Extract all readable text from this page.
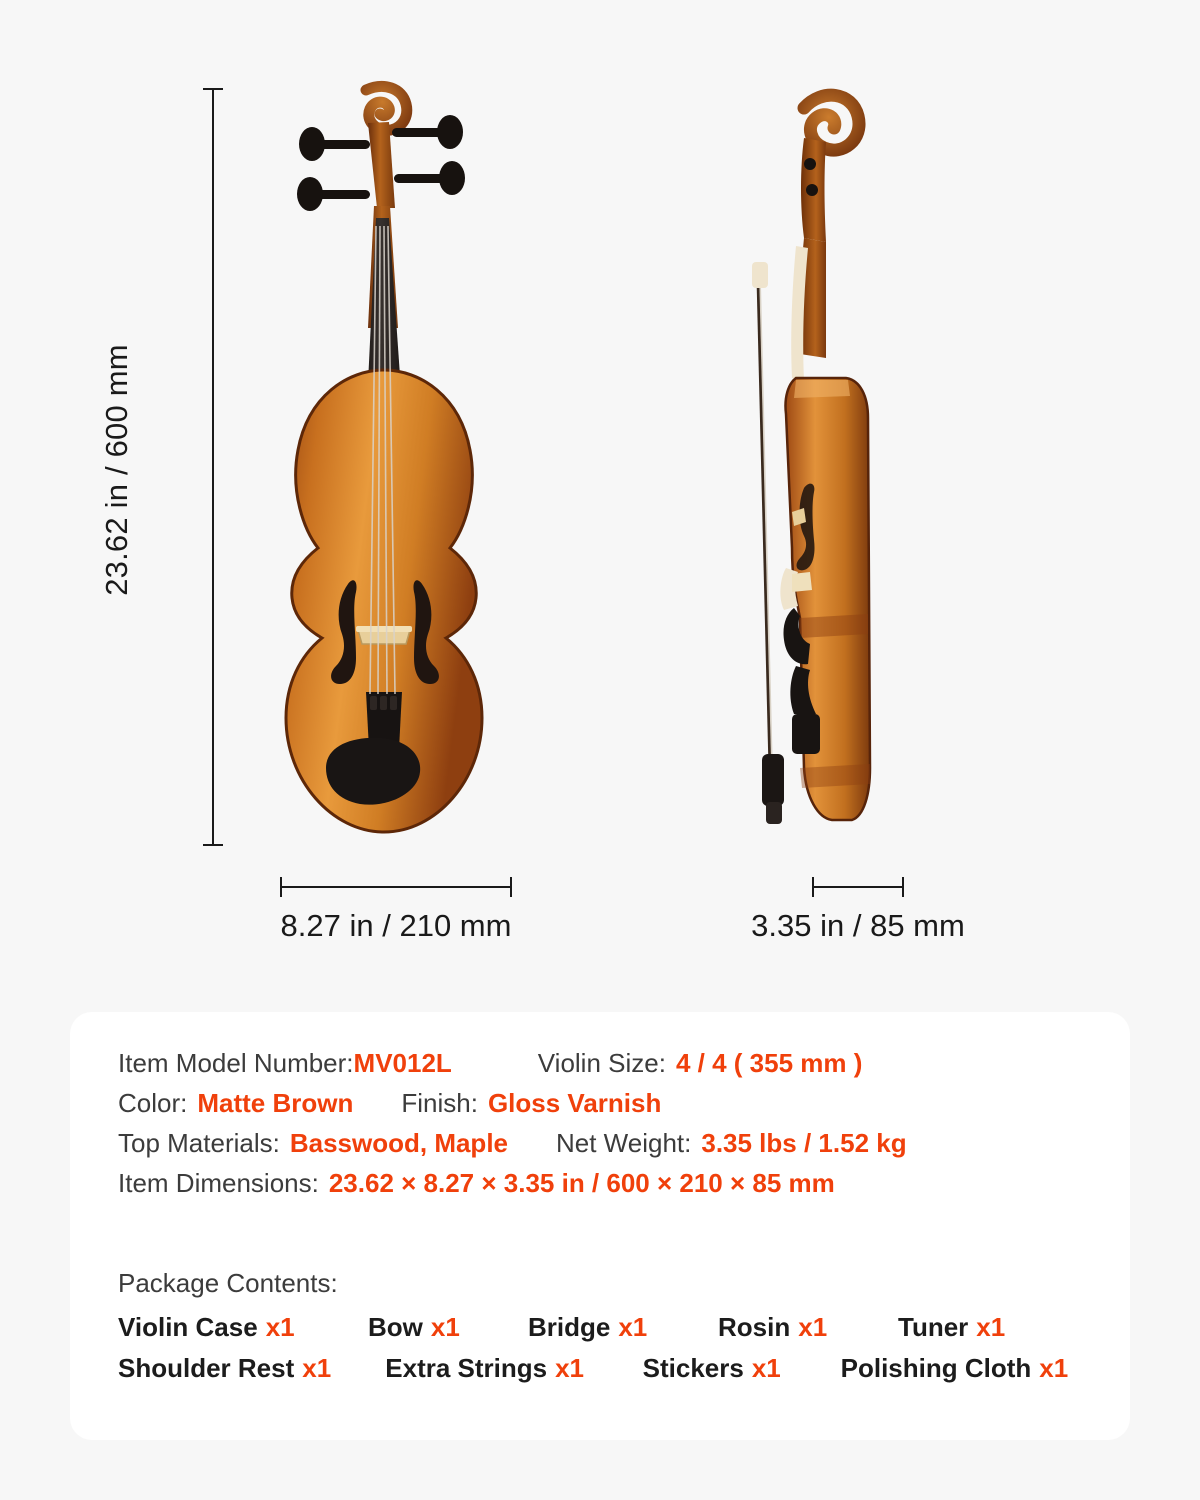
23.62 in / 600 mm
8.27 in / 210 mm	3.35 in / 85 mm
Item Model Number: MV012L	Violin Size: 4 / 4 ( 355 mm )
Color: Matte Brown Finish: Gloss Varnish
Top Materials: Basswood, Maple Net Weight: 3.35 lbs / 1.52 kg
Item Dimensions: 23.62 × 8.27 × 3.35 in / 600 × 210 × 85 mm
Package Contents:
Violin Case x1	Bow x1	Bridge x1	Rosin x1	Tuner x1
Shoulder Rest x1 Extra Strings x1 Stickers x1 Polishing Cloth x1
